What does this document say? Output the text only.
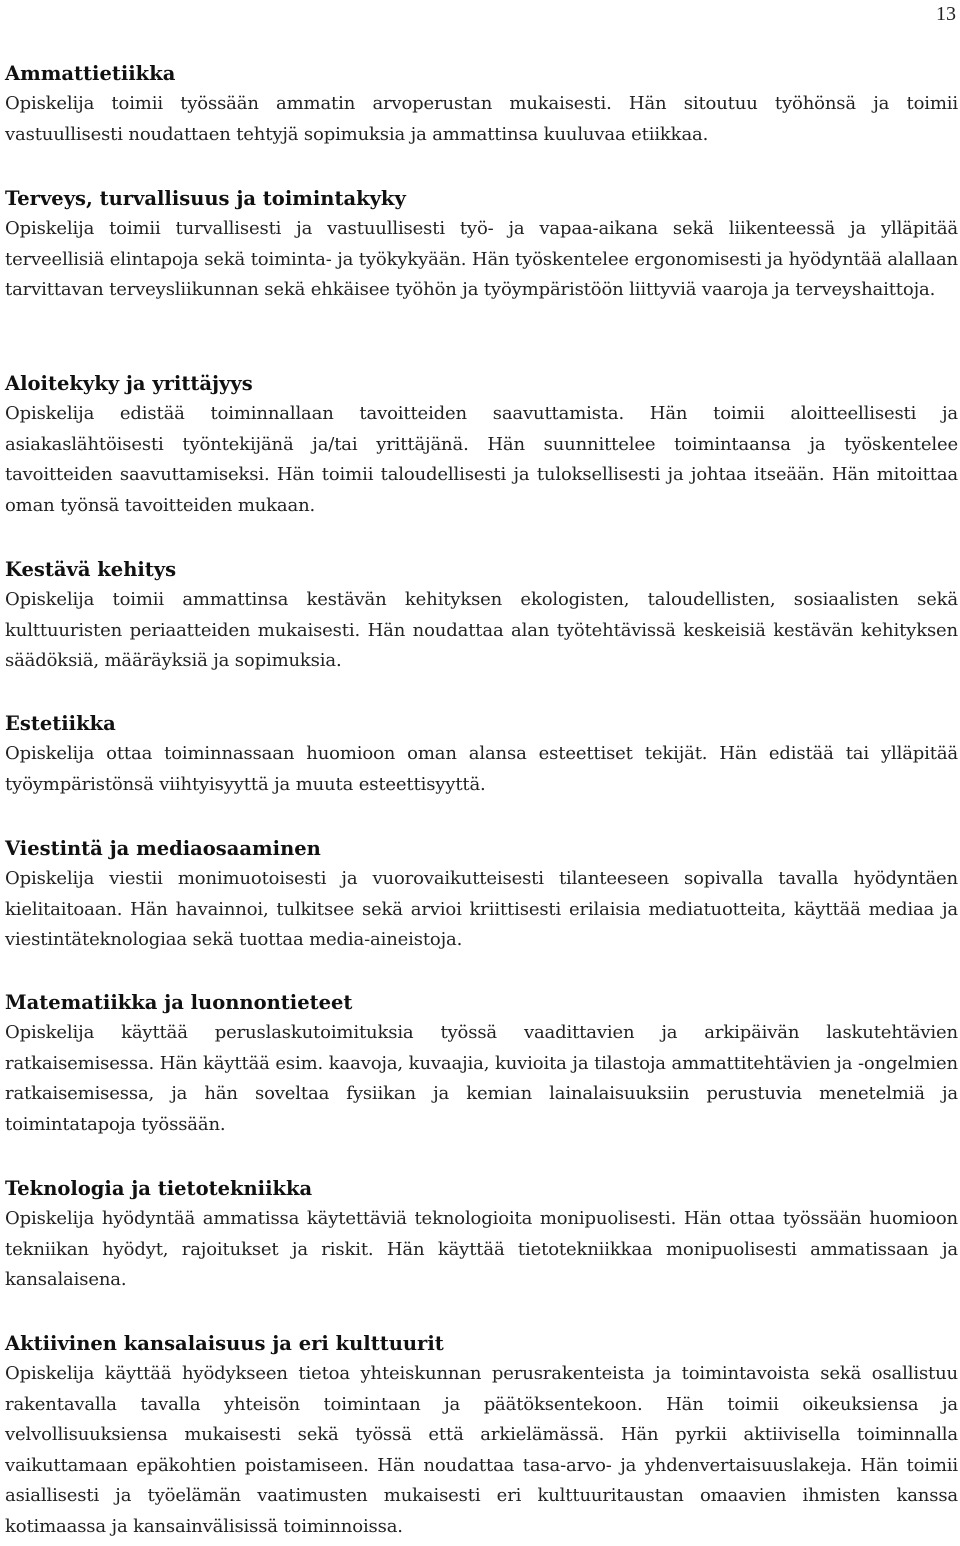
13
Ammattietiikka

Opiskelija toimii työssään ammatin arvoperustan mukaisesti. Hän sitoutuu työhönsä ja toimii vastuullisesti noudattaen tehtyjä sopimuksia ja ammattinsa kuuluvaa etiikkaa.

Terveys, turvallisuus ja toimintakyky

Opiskelija toimii turvallisesti ja vastuullisesti työ- ja vapaa-aikana sekä liikenteessä ja ylläpitää terveellisiä elintapoja sekä toiminta- ja työkykyään. Hän työskentelee ergonomisesti ja hyödyntää alallaan tarvittavan terveysliikunnan sekä ehkäisee työhön ja työympäristöön liittyviä vaaroja ja terveyshaittoja.

Aloitekyky ja yrittäjyys

Opiskelija edistää toiminnallaan tavoitteiden saavuttamista. Hän toimii aloitteellisesti ja asiakaslähtöisesti työntekijänä ja/tai yrittäjänä. Hän suunnittelee toimintaansa ja työskentelee tavoitteiden saavuttamiseksi. Hän toimii taloudellisesti ja tuloksellisesti ja johtaa itseään. Hän mitoittaa oman työnsä tavoitteiden mukaan.

Kestävä kehitys

Opiskelija toimii ammattinsa kestävän kehityksen ekologisten, taloudellisten, sosiaalisten sekä kulttuuristen periaatteiden mukaisesti. Hän noudattaa alan työtehtävissä keskeisiä kestävän kehityksen säädöksiä, määräyksiä ja sopimuksia.

Estetiikka

Opiskelija ottaa toiminnassaan huomioon oman alansa esteettiset tekijät. Hän edistää tai ylläpitää työympäristönsä viihtyisyyttä ja muuta esteettisyyttä.

Viestintä ja mediaosaaminen

Opiskelija viestii monimuotoisesti ja vuorovaikutteisesti tilanteeseen sopivalla tavalla hyödyntäen kielitaitoaan. Hän havainnoi, tulkitsee sekä arvioi kriittisesti erilaisia mediatuotteita, käyttää mediaa ja viestintäteknologiaa sekä tuottaa media-aineistoja.

Matematiikka ja luonnontieteet

Opiskelija käyttää peruslaskutoimituksia työssä vaadittavien ja arkipäivän laskutehtävien ratkaisemisessa. Hän käyttää esim. kaavoja, kuvaajia, kuvioita ja tilastoja ammattitehtävien ja -ongelmien ratkaisemisessa, ja hän soveltaa fysiikan ja kemian lainalaisuuksiin perustuvia menetelmiä ja toimintatapoja työssään.

Teknologia ja tietotekniikka

Opiskelija hyödyntää ammatissa käytettäviä teknologioita monipuolisesti. Hän ottaa työssään huomioon tekniikan hyödyt, rajoitukset ja riskit. Hän käyttää tietotekniikkaa monipuolisesti ammatissaan ja kansalaisena.

Aktiivinen kansalaisuus ja eri kulttuurit

Opiskelija käyttää hyödykseen tietoa yhteiskunnan perusrakenteista ja toimintavoista sekä osallistuu rakentavalla tavalla yhteisön toimintaan ja päätöksentekoon. Hän toimii oikeuksiensa ja velvollisuuksiensa mukaisesti sekä työssä että arkielämässä. Hän pyrkii aktiivisella toiminnalla vaikuttamaan epäkohtien poistamiseen. Hän noudattaa tasa-arvo- ja yhdenvertaisuuslakeja. Hän toimii asiallisesti ja työelämän vaatimusten mukaisesti eri kulttuuritaustan omaavien ihmisten kanssa kotimaassa ja kansainvälisissä toiminnoissa.
